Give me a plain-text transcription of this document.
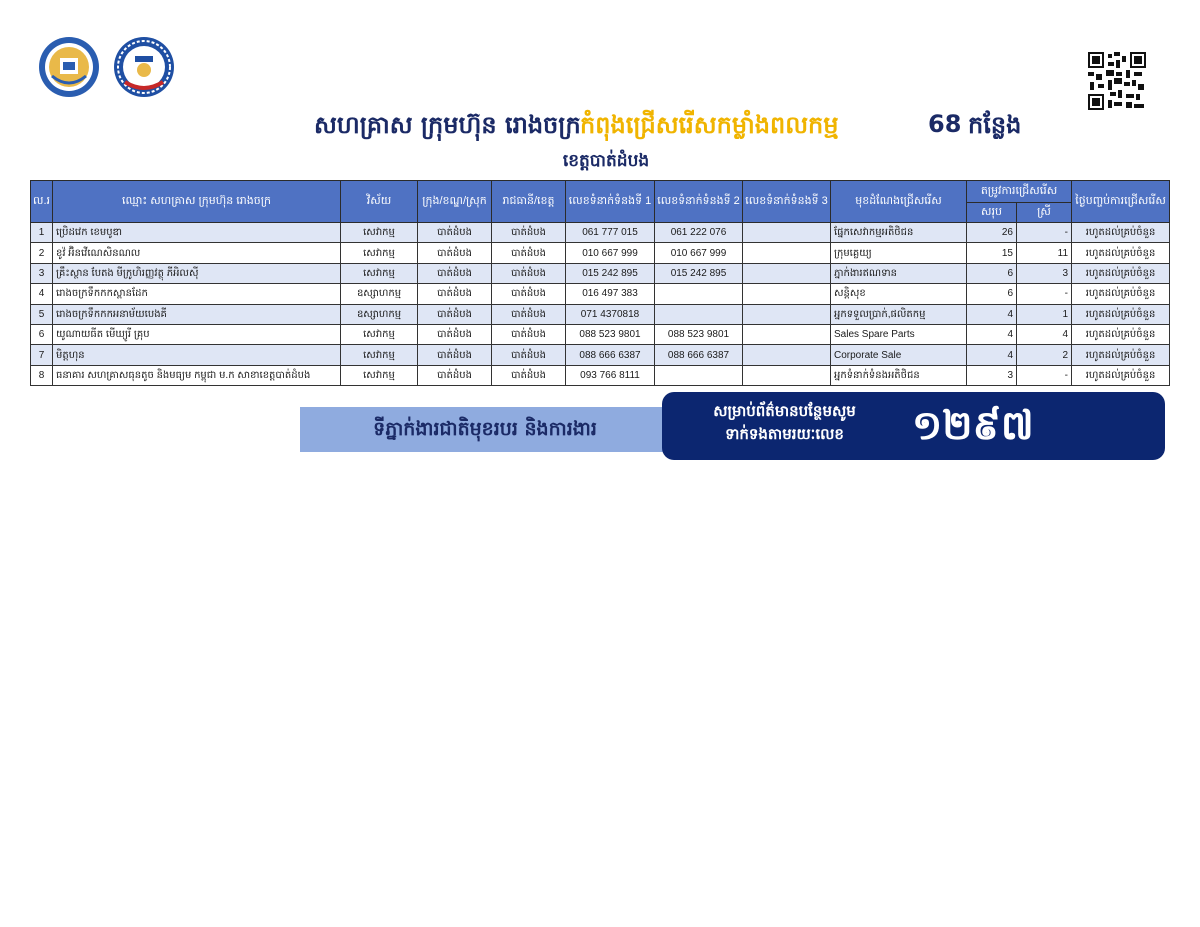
សហគ្រាស ក្រុមហ៊ុន រោងចក្រ កំពុងជ្រើសរើសកម្លាំងពលកម្ម	68 កន្លែង
ខេត្តបាត់ដំបង
ល.រ	ឈ្មោះ សហគ្រាស ក្រុមហ៊ុន រោងចក្រ	វិស័យ	ក្រុង/ខណ្ឌ/ស្រុក	រាជធានី/ខេត្ត	លេខទំនាក់ទំនងទី 1	លេខទំនាក់ទំនងទី 2	លេខទំនាក់ទំនងទី 3	មុខដំណែងជ្រើសរើស	តម្រូវការជ្រើសរើស		ថ្ងៃបញ្ចប់ការជ្រើសរើស
									សរុប	ស្រី	
1	ប្រេិដវេក ខេមបូឌា	សេវាកម្ម	បាត់ដំបង	បាត់ដំបង	061 777 015	061 222 076		ផ្នែកសេវាកម្មអតិថិជន	26	-	រហូតដល់គ្រប់ចំនួន
2	ខូវ៉ អ៊ិនវើណេសិនណល	សេវាកម្ម	បាត់ដំបង	បាត់ដំបង	010 667 999	010 667 999		ក្រុមគ្លេយ្យ	15	11	រហូតដល់គ្រប់ចំនួន
3	គ្រឹះស្ថាន បែតង មីក្រូហិរញ្ញវត្ថុ ភីអិលស៊ី	សេវាកម្ម	បាត់ដំបង	បាត់ដំបង	015 242 895	015 242 895		ភ្នាក់ងារឥណទាន	6	3	រហូតដល់គ្រប់ចំនួន
4	រោងចក្រទឹកកកស្ពានដែក	ឧស្សាហកម្ម	បាត់ដំបង	បាត់ដំបង	016 497 383			សន្តិសុខ	6	-	រហូតដល់គ្រប់ចំនួន
5	រោងចក្រទឹកកកអនាម័យបេងគី	ឧស្សាហកម្ម	បាត់ដំបង	បាត់ដំបង	071 4370818			អ្នកទទួលប្រាក់,ផលិតកម្ម	4	1	រហូតដល់គ្រប់ចំនួន
6	យូណាយធីត មើឃ្យូរី គ្រុប	សេវាកម្ម	បាត់ដំបង	បាត់ដំបង	088 523 9801	088 523 9801		Sales Spare Parts	4	4	រហូតដល់គ្រប់ចំនួន
7	មិត្តហុន	សេវាកម្ម	បាត់ដំបង	បាត់ដំបង	088 666 6387	088 666 6387		Corporate Sale	4	2	រហូតដល់គ្រប់ចំនួន
8	ធនាគារ សហគ្រាសធុនតូច និងមធ្យម កម្ពុជា ម.ក សាខាខេត្តបាត់ដំបង	សេវាកម្ម	បាត់ដំបង	បាត់ដំបង	093 766 8111			អ្នកទំនាក់ទំនងអតិថិជន	3	-	រហូតដល់គ្រប់ចំនួន
ទីភ្នាក់ងារជាតិមុខរបរ និងការងារ
សម្រាប់ព័ត៌មានបន្ថែមសូម
ទាក់ទងតាមរយៈលេខ	១២៩៧
